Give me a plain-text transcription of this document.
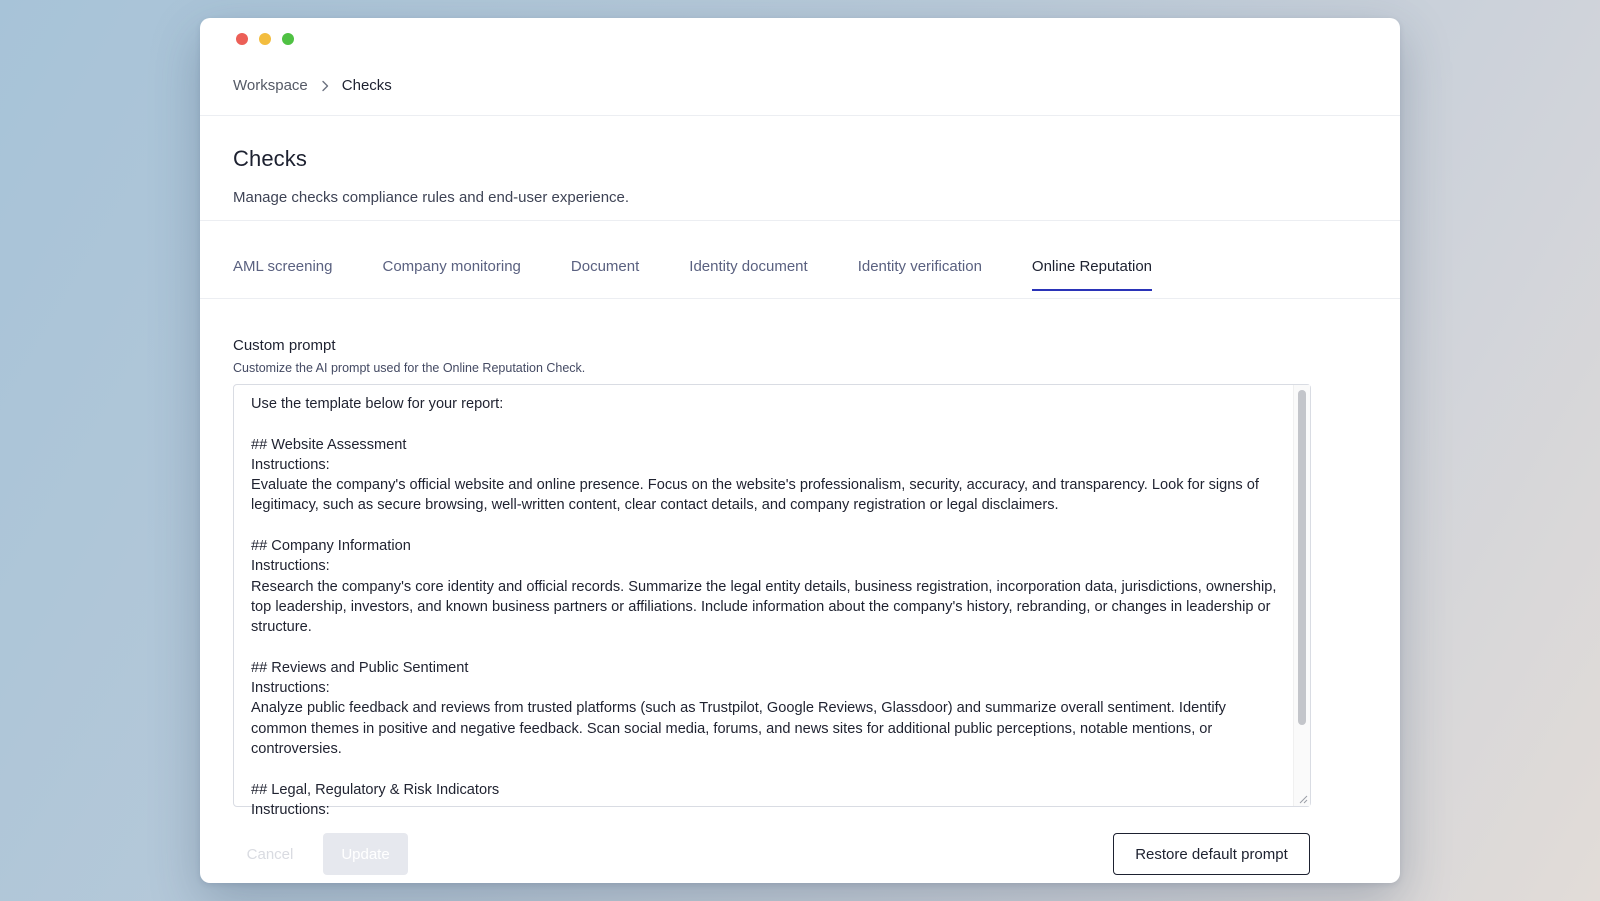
Workspace Checks
Checks
Manage checks compliance rules and end-user experience.
AML screening	Company monitoring	Document	Identity document	Identity verification	Online Reputation
Custom prompt
Customize the AI prompt used for the Online Reputation Check.
Use the template below for your report:

## Website Assessment
Instructions:
Evaluate the company's official website and online presence. Focus on the website's professionalism, security, accuracy, and transparency. Look for signs of legitimacy, such as secure browsing, well-written content, clear contact details, and company registration or legal disclaimers.

## Company Information
Instructions:
Research the company's core identity and official records. Summarize the legal entity details, business registration, incorporation data, jurisdictions, ownership, top leadership, investors, and known business partners or affiliations. Include information about the company's history, rebranding, or changes in leadership or structure.

## Reviews and Public Sentiment
Instructions:
Analyze public feedback and reviews from trusted platforms (such as Trustpilot, Google Reviews, Glassdoor) and summarize overall sentiment. Identify common themes in positive and negative feedback. Scan social media, forums, and news sites for additional public perceptions, notable mentions, or controversies.

## Legal, Regulatory & Risk Indicators
Instructions:
Cancel	Update	Restore default prompt
